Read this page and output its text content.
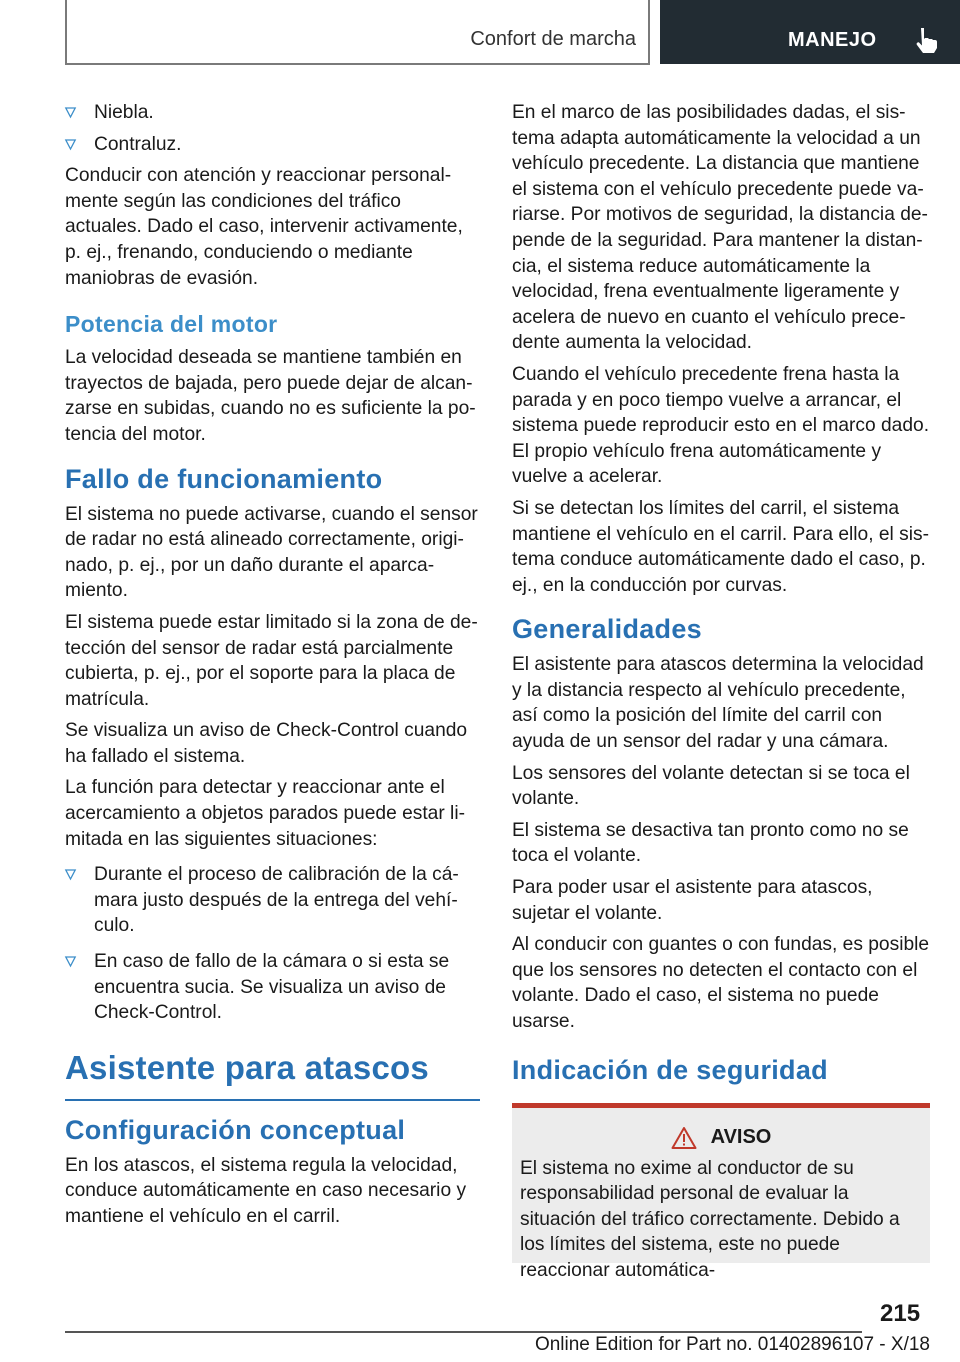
Confort de marcha	MANEJO
Niebla.
Contraluz.

Conducir con atención y reaccionar personalmente según las condiciones del tráfico actuales. Dado el caso, intervenir activamente, p. ej., frenando, conduciendo o mediante maniobras de evasión.

Potencia del motor

La velocidad deseada se mantiene también en trayectos de bajada, pero puede dejar de alcanzarse en subidas, cuando no es suficiente la potencia del motor.

Fallo de funcionamiento

El sistema no puede activarse, cuando el sensor de radar no está alineado correctamente, originado, p. ej., por un daño durante el aparcamiento.

El sistema puede estar limitado si la zona de detección del sensor de radar está parcialmente cubierta, p. ej., por el soporte para la placa de matrícula.

Se visualiza un aviso de Check-Control cuando ha fallado el sistema.

La función para detectar y reaccionar ante el acercamiento a objetos parados puede estar limitada en las siguientes situaciones:

Durante el proceso de calibración de la cámara justo después de la entrega del vehículo.
En caso de fallo de la cámara o si esta se encuentra sucia. Se visualiza un aviso de Check-Control.
Asistente para atascos
Configuración conceptual

En los atascos, el sistema regula la velocidad, conduce automáticamente en caso necesario y mantiene el vehículo en el carril.

En el marco de las posibilidades dadas, el sistema adapta automáticamente la velocidad a un vehículo precedente. La distancia que mantiene el sistema con el vehículo precedente puede variarse. Por motivos de seguridad, la distancia depende de la seguridad. Para mantener la distancia, el sistema reduce automáticamente la velocidad, frena eventualmente ligeramente y acelera de nuevo en cuanto el vehículo precedente aumenta la velocidad.

Cuando el vehículo precedente frena hasta la parada y en poco tiempo vuelve a arrancar, el sistema puede reproducir esto en el marco dado. El propio vehículo frena automáticamente y vuelve a acelerar.

Si se detectan los límites del carril, el sistema mantiene el vehículo en el carril. Para ello, el sistema conduce automáticamente dado el caso, p. ej., en la conducción por curvas.

Generalidades

El asistente para atascos determina la velocidad y la distancia respecto al vehículo precedente, así como la posición del límite del carril con ayuda de un sensor del radar y una cámara.

Los sensores del volante detectan si se toca el volante.

El sistema se desactiva tan pronto como no se toca el volante.

Para poder usar el asistente para atascos, sujetar el volante.

Al conducir con guantes o con fundas, es posible que los sensores no detecten el contacto con el volante. Dado el caso, el sistema no puede usarse.

Indicación de seguridad
AVISO

El sistema no exime al conductor de su responsabilidad personal de evaluar la situación del tráfico correctamente. Debido a los límites del sistema, este no puede reaccionar automática-

215
Online Edition for Part no. 01402896107 - X/18
